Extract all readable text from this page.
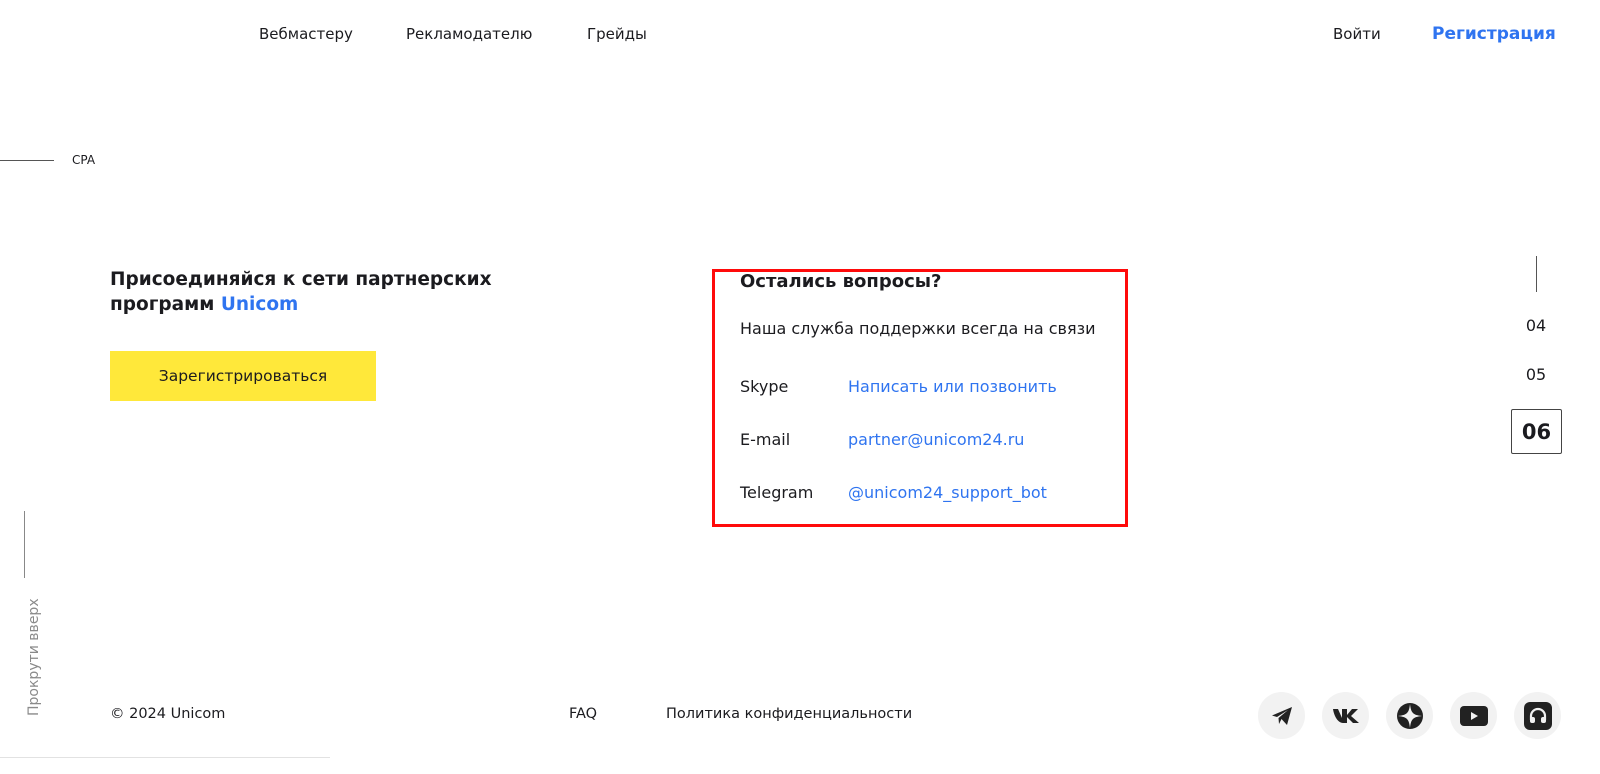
Вебмастеру	Рекламодателю	Грейды	Войти	Регистрация
CPA
Присоединяйся к сети партнерских программ Unicom
Зарегистрироваться
Остались вопросы?
Наша служба поддержки всегда на связи
Skype	Написать или позвонить
E-mail	partner@unicom24.ru
Telegram @unicom24_support_bot
04
05
06
Прокрути вверх	© 2024 Unicom	FAQ	Политика конфиденциальности
